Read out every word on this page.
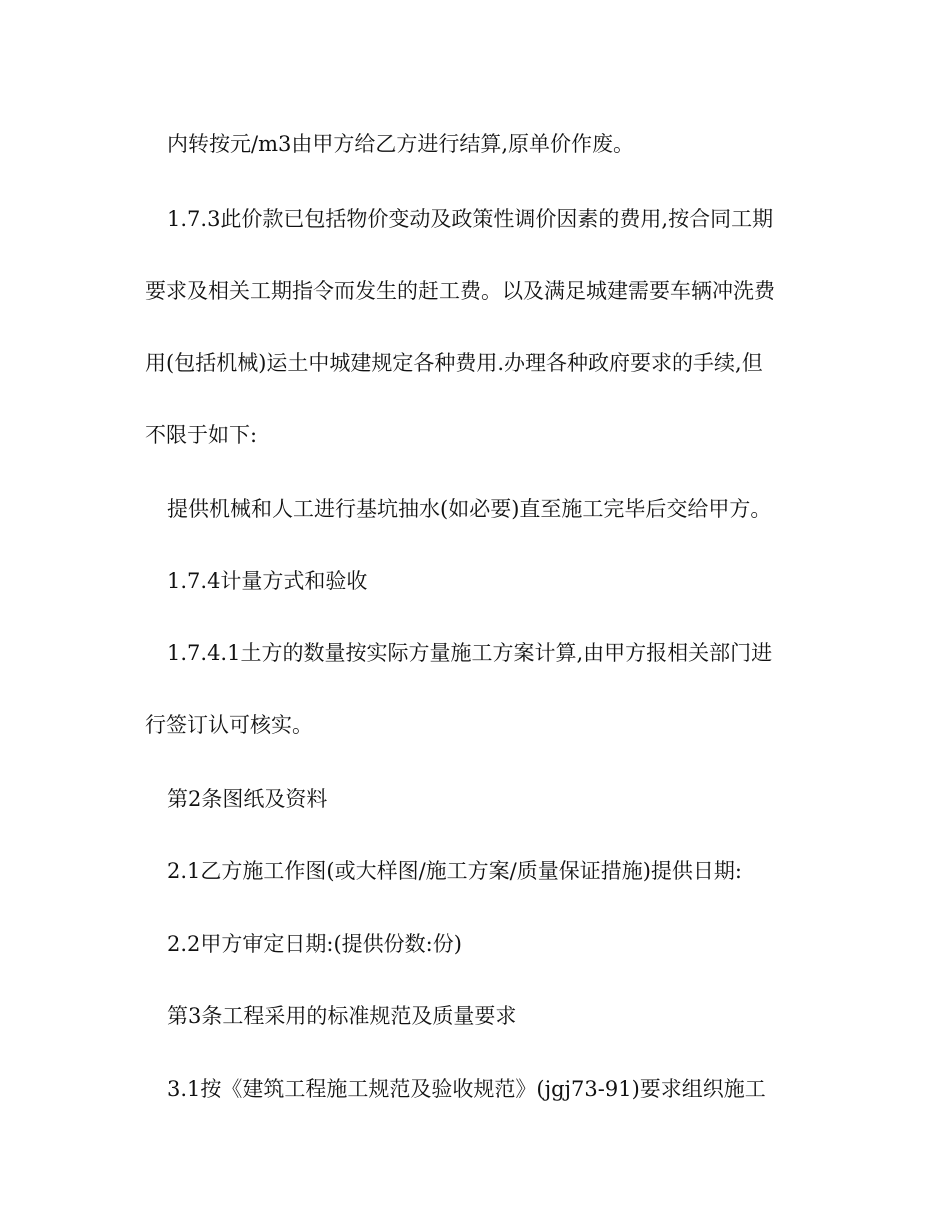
内转按元/m3由甲方给乙方进行结算,原单价作废。

1.7.3此价款已包括物价变动及政策性调价因素的费用,按合同工期

要求及相关工期指令而发生的赶工费。以及满足城建需要车辆冲洗费

用(包括机械)运土中城建规定各种费用.办理各种政府要求的手续,但

不限于如下:

提供机械和人工进行基坑抽水(如必要)直至施工完毕后交给甲方。

1.7.4计量方式和验收

1.7.4.1土方的数量按实际方量施工方案计算,由甲方报相关部门进

行签订认可核实。

第2条图纸及资料

2.1乙方施工作图(或大样图/施工方案/质量保证措施)提供日期:

2.2甲方审定日期:(提供份数:份)

第3条工程采用的标准规范及质量要求

3.1按《建筑工程施工规范及验收规范》(jgj73-91)要求组织施工
